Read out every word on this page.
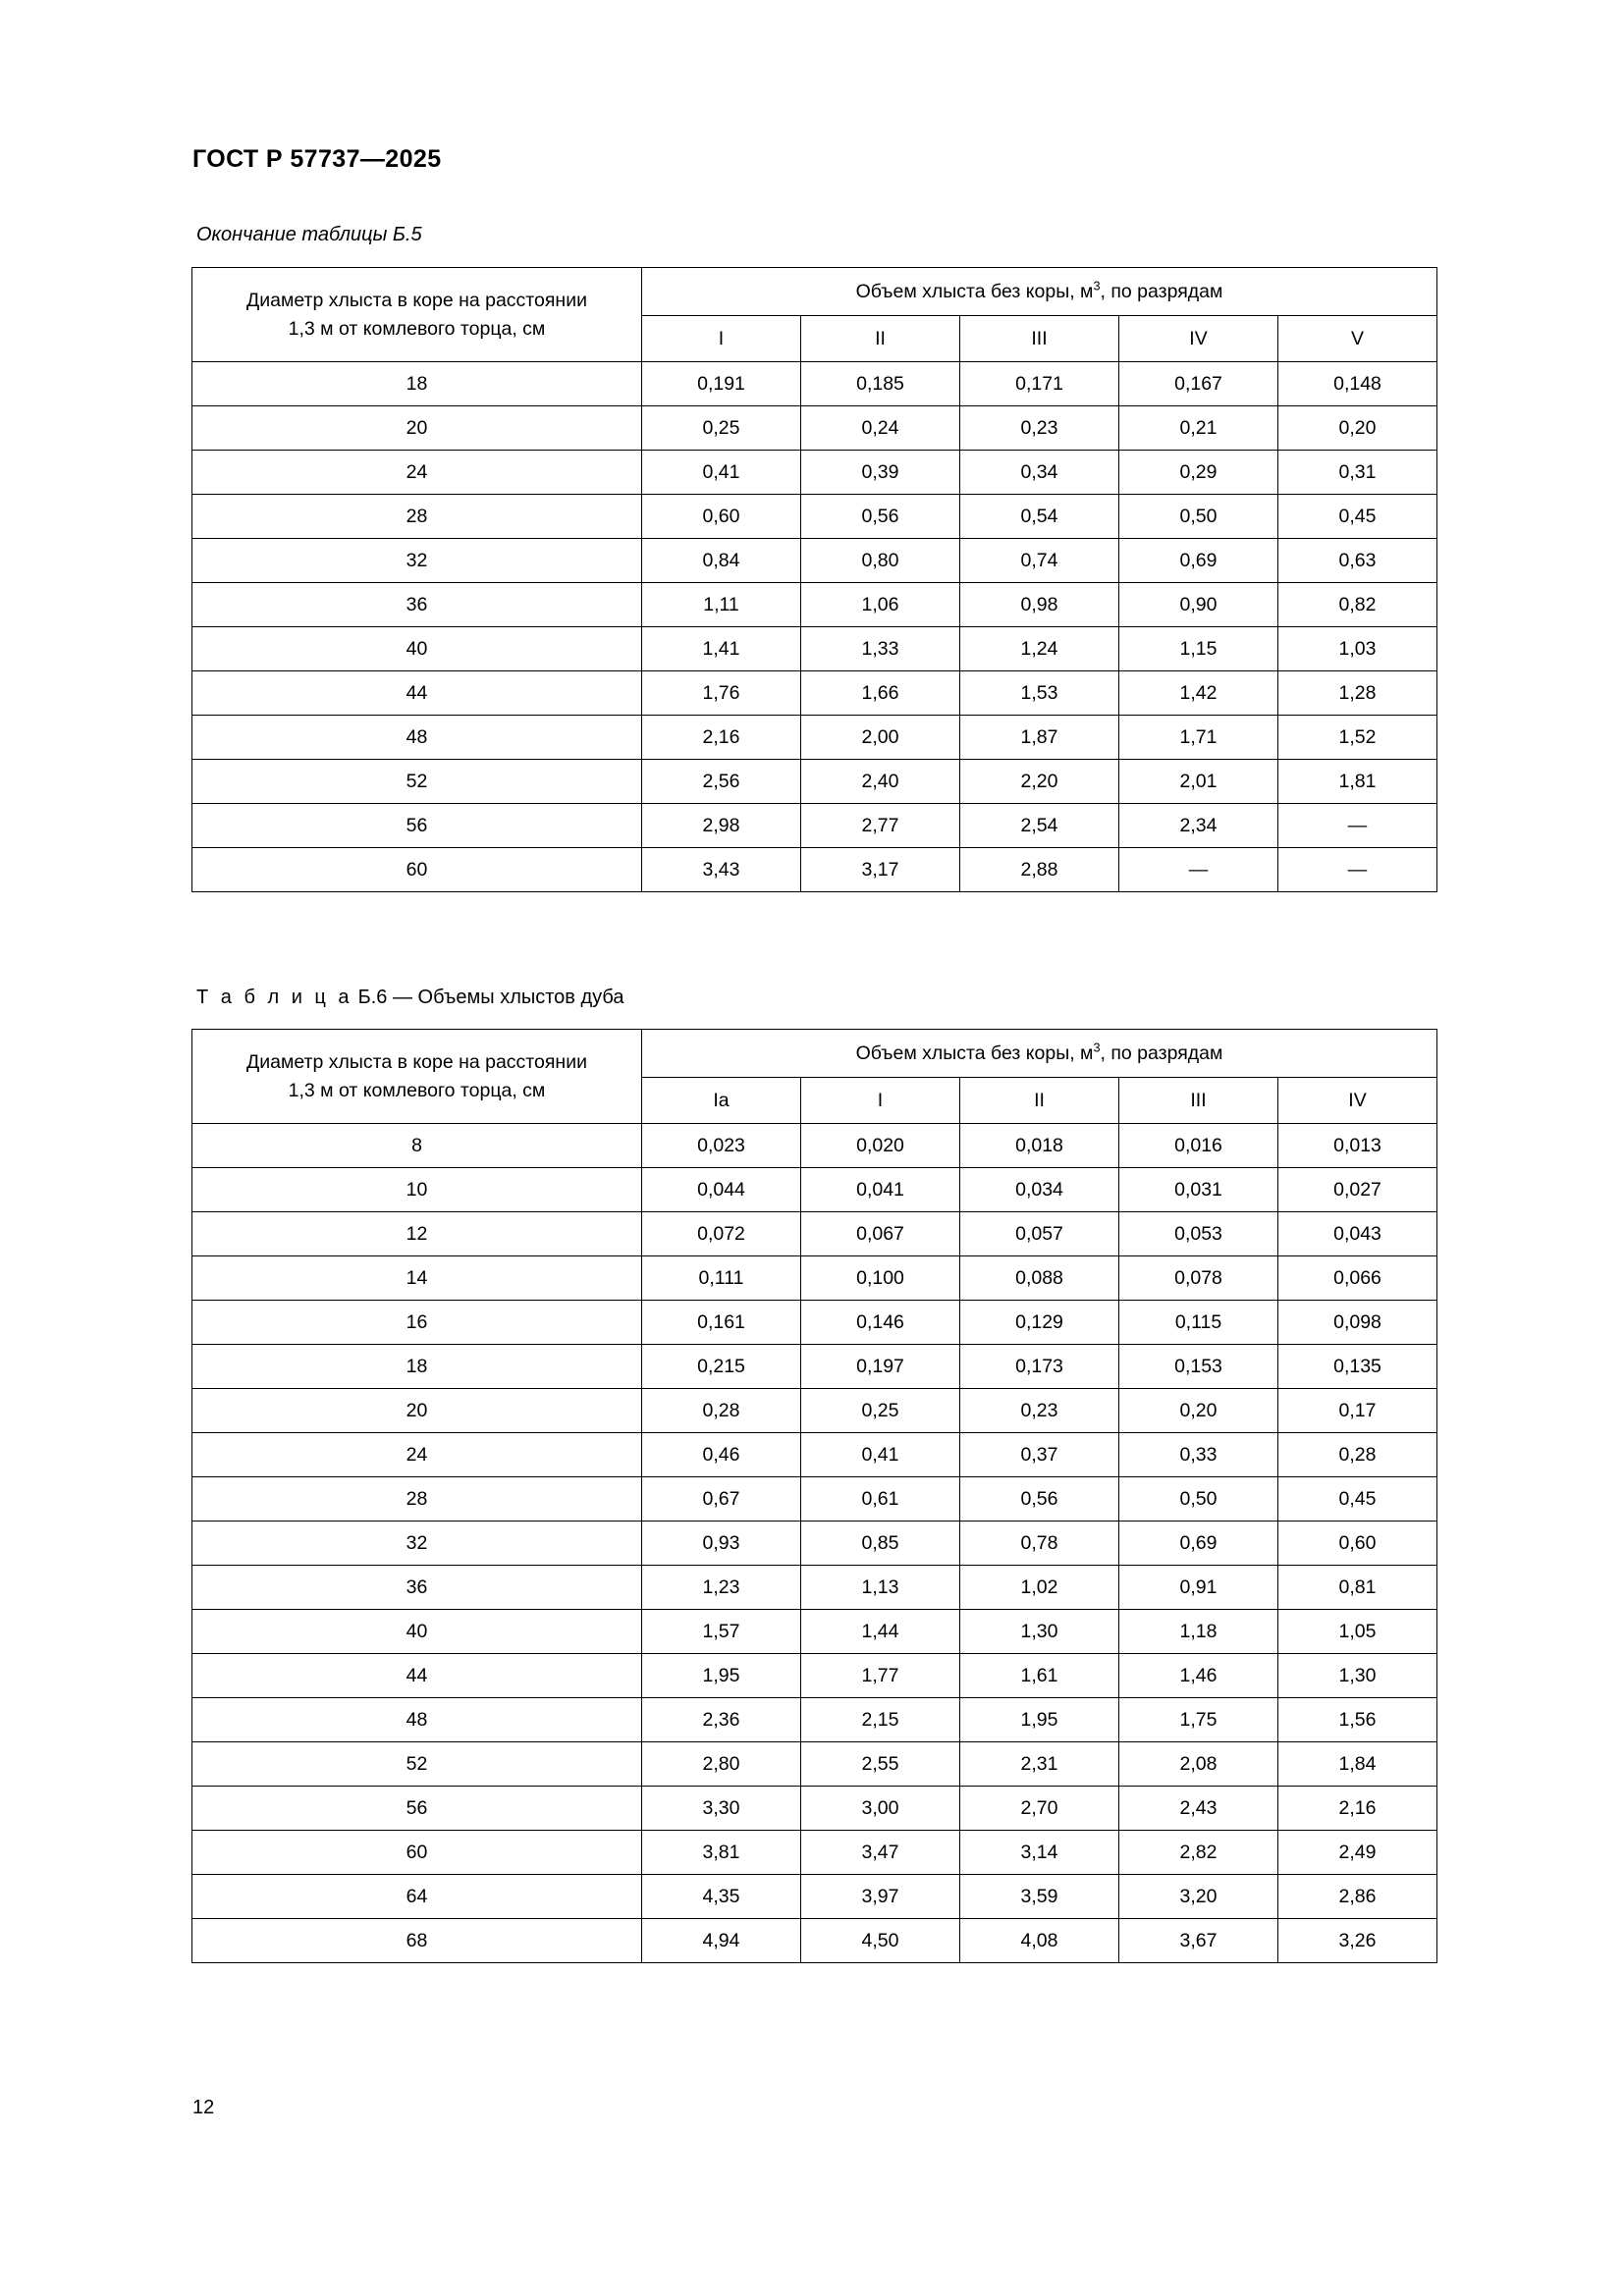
ГОСТ Р 57737—2025
Окончание таблицы Б.5
Диаметр хлыста в коре на расстоянии
1,3 м от комлевого торца, см	Объем хлыста без коры, $м^3$, по разрядам				
	I	II	III	IV	V
18	0,191	0,185	0,171	0,167	0,148
20	0,25	0,24	0,23	0,21	0,20
24	0,41	0,39	0,34	0,29	0,31
28	0,60	0,56	0,54	0,50	0,45
32	0,84	0,80	0,74	0,69	0,63
36	1,11	1,06	0,98	0,90	0,82
40	1,41	1,33	1,24	1,15	1,03
44	1,76	1,66	1,53	1,42	1,28
48	2,16	2,00	1,87	1,71	1,52
52	2,56	2,40	2,20	2,01	1,81
56	2,98	2,77	2,54	2,34	—
60	3,43	3,17	2,88	—	—
Т а б л и ц а Б.6 — Объемы хлыстов дуба
Диаметр хлыста в коре на расстоянии
1,3 м от комлевого торца, см	Объем хлыста без коры, $м^3$, по разрядам				
	Ia	I	II	III	IV
8	0,023	0,020	0,018	0,016	0,013
10	0,044	0,041	0,034	0,031	0,027
12	0,072	0,067	0,057	0,053	0,043
14	0,111	0,100	0,088	0,078	0,066
16	0,161	0,146	0,129	0,115	0,098
18	0,215	0,197	0,173	0,153	0,135
20	0,28	0,25	0,23	0,20	0,17
24	0,46	0,41	0,37	0,33	0,28
28	0,67	0,61	0,56	0,50	0,45
32	0,93	0,85	0,78	0,69	0,60
36	1,23	1,13	1,02	0,91	0,81
40	1,57	1,44	1,30	1,18	1,05
44	1,95	1,77	1,61	1,46	1,30
48	2,36	2,15	1,95	1,75	1,56
52	2,80	2,55	2,31	2,08	1,84
56	3,30	3,00	2,70	2,43	2,16
60	3,81	3,47	3,14	2,82	2,49
64	4,35	3,97	3,59	3,20	2,86
68	4,94	4,50	4,08	3,67	3,26
12
